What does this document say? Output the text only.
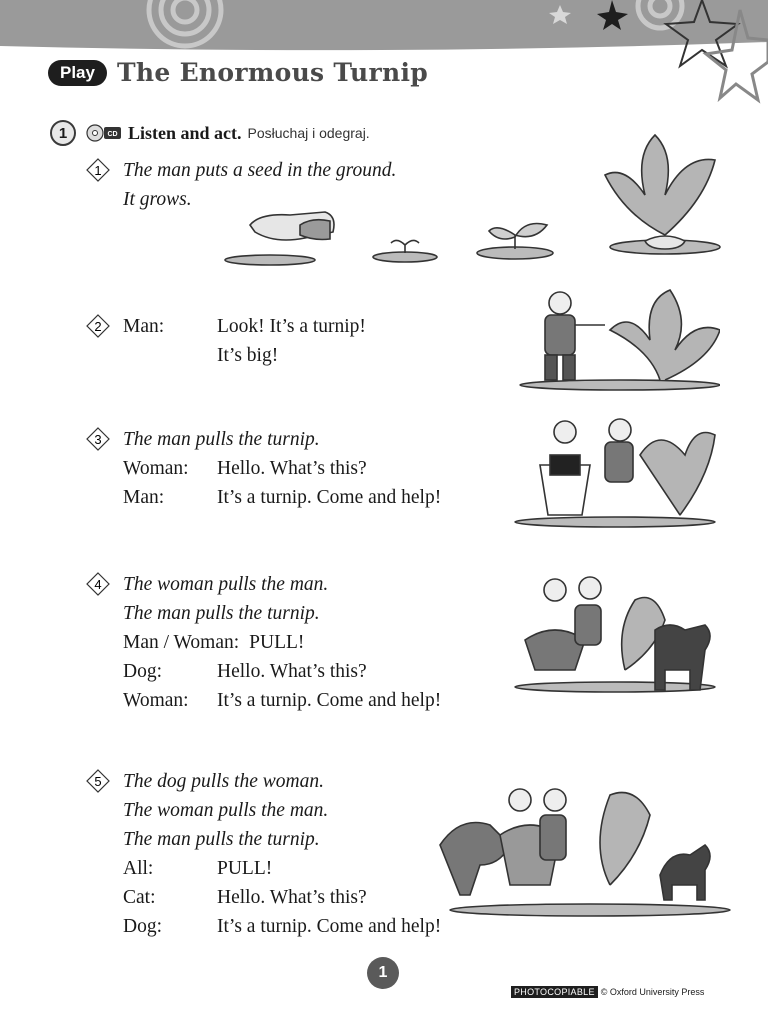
Play The Enormous Turnip
1	CD Listen and act. Posłuchaj i odegraj.
1 The man puts a seed in the ground.
It grows.
2 Man:	Look! It’s a turnip!
It’s big!
3 The man pulls the turnip.
Woman: Hello. What’s this?
Man:	It’s a turnip. Come and help!
4 The woman pulls the man.
The man pulls the turnip.
Man / Woman: PULL!
Dog:	Hello. What’s this?
Woman: It’s a turnip. Come and help!
5 The dog pulls the woman.
The woman pulls the man.
The man pulls the turnip.
All:	PULL!
Cat:	Hello. What’s this?
Dog:	It’s a turnip. Come and help!
1
PHOTOCOPIABLE © Oxford University Press
